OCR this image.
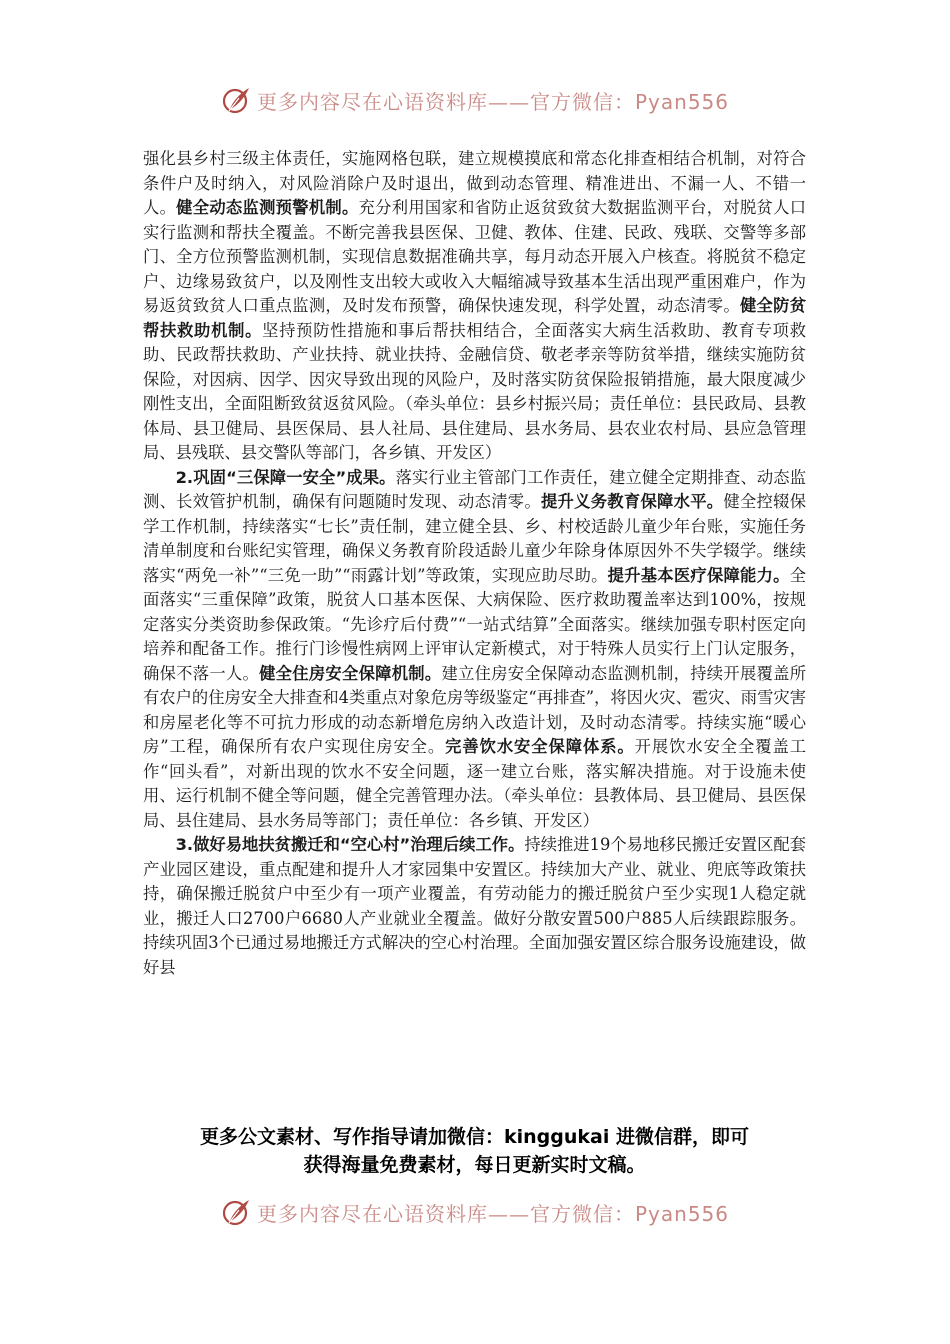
更多内容尽在心语资料库——官方微信：Pyan556

强化县乡村三级主体责任，实施网格包联，建立规模摸底和常态化排查相结合机制，对符合条件户及时纳入，对风险消除户及时退出，做到动态管理、精准进出、不漏一人、不错一人。健全动态监测预警机制。充分利用国家和省防止返贫致贫大数据监测平台，对脱贫人口实行监测和帮扶全覆盖。不断完善我县医保、卫健、教体、住建、民政、残联、交警等多部门、全方位预警监测机制，实现信息数据准确共享，每月动态开展入户核查。将脱贫不稳定户、边缘易致贫户，以及刚性支出较大或收入大幅缩减导致基本生活出现严重困难户，作为易返贫致贫人口重点监测，及时发布预警，确保快速发现，科学处置，动态清零。健全防贫帮扶救助机制。坚持预防性措施和事后帮扶相结合，全面落实大病生活救助、教育专项救助、民政帮扶救助、产业扶持、就业扶持、金融信贷、敬老孝亲等防贫举措，继续实施防贫保险，对因病、因学、因灾导致出现的风险户，及时落实防贫保险报销措施，最大限度减少刚性支出，全面阻断致贫返贫风险。（牵头单位：县乡村振兴局；责任单位：县民政局、县教体局、县卫健局、县医保局、县人社局、县住建局、县水务局、县农业农村局、县应急管理局、县残联、县交警队等部门，各乡镇、开发区）

2.巩固“三保障一安全”成果。落实行业主管部门工作责任，建立健全定期排查、动态监测、长效管护机制，确保有问题随时发现、动态清零。提升义务教育保障水平。健全控辍保学工作机制，持续落实“七长”责任制，建立健全县、乡、村校适龄儿童少年台账，实施任务清单制度和台账纪实管理，确保义务教育阶段适龄儿童少年除身体原因外不失学辍学。继续落实“两免一补”“三免一助”“雨露计划”等政策，实现应助尽助。提升基本医疗保障能力。全面落实“三重保障”政策，脱贫人口基本医保、大病保险、医疗救助覆盖率达到100%，按规定落实分类资助参保政策。“先诊疗后付费”“一站式结算”全面落实。继续加强专职村医定向培养和配备工作。推行门诊慢性病网上评审认定新模式，对于特殊人员实行上门认定服务，确保不落一人。健全住房安全保障机制。建立住房安全保障动态监测机制，持续开展覆盖所有农户的住房安全大排查和4类重点对象危房等级鉴定“再排查”，将因火灾、雹灾、雨雪灾害和房屋老化等不可抗力形成的动态新增危房纳入改造计划，及时动态清零。持续实施“暖心房”工程，确保所有农户实现住房安全。完善饮水安全保障体系。开展饮水安全全覆盖工作“回头看”，对新出现的饮水不安全问题，逐一建立台账，落实解决措施。对于设施未使用、运行机制不健全等问题，健全完善管理办法。（牵头单位：县教体局、县卫健局、县医保局、县住建局、县水务局等部门；责任单位：各乡镇、开发区）

3.做好易地扶贫搬迁和“空心村”治理后续工作。持续推进19个易地移民搬迁安置区配套产业园区建设，重点配建和提升人才家园集中安置区。持续加大产业、就业、兜底等政策扶持，确保搬迁脱贫户中至少有一项产业覆盖，有劳动能力的搬迁脱贫户至少实现1人稳定就业，搬迁人口2700户6680人产业就业全覆盖。做好分散安置500户885人后续跟踪服务。持续巩固3个已通过易地搬迁方式解决的空心村治理。全面加强安置区综合服务设施建设，做好县

更多公文素材、写作指导请加微信：kinggukai 进微信群，即可
获得海量免费素材，每日更新实时文稿。
更多内容尽在心语资料库——官方微信：Pyan556
